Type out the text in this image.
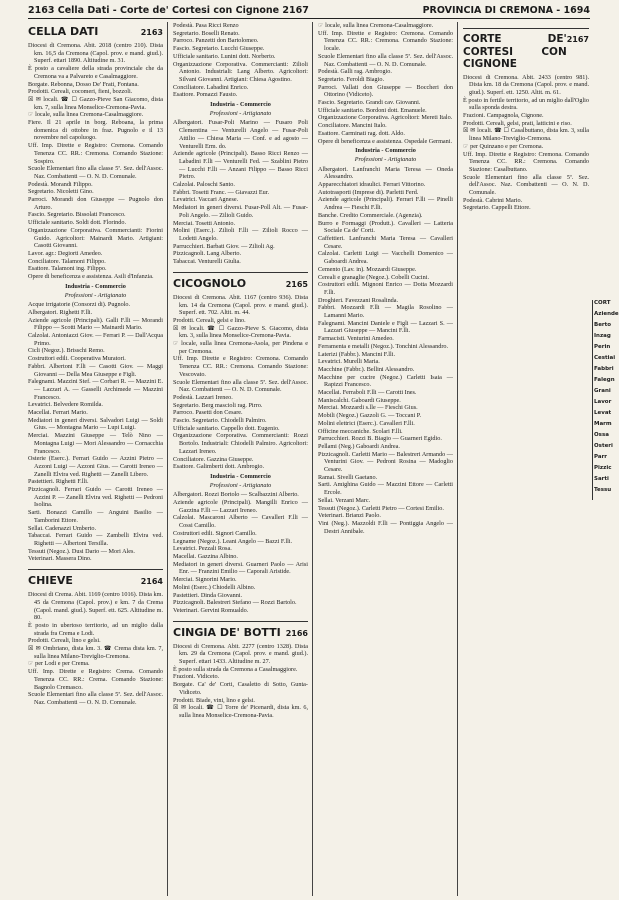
2163 Cella Dati - Corte de' Cortesi con Cignone 2167	PROVINCIA DI CREMONA - 1694
CELLA DATI	2163

Diocesi di Cremona. Abit. 2018 (centro 210). Dista km. 16,5 da Cremona (Capol. prov. e mand. giud.). Superf. ettari 1890. Altitudine m. 31.

È posto a cavaliere della strada provinciale che da Cremona va a Palvareto e Casalmaggiore.

Borgate. Rebonna, Dosso De' Frati, Fontana.

Prodotti. Cereali, cocomeri, fieni, bozzoli.

☒ ✉ locali. ☎ ☐ Gazzo-Pieve San Giacomo, dista km. 7, sulla linea Monselice-Cremona-Pavia.

☞ locale, sulla linea Cremona-Casalmaggiore.

Fiere. Il 21 aprile in borg. Reboana, la prima domenica di ottobre in fraz. Pugnolo e il 13 novembre nel capoluogo.

Uff. Imp. Dirette e Registro: Cremona. Comando Tenenza CC. RR.: Cremona. Comando Stazione: Sospiro.

Scuole Elementari fino alla classe 5ª. Sez. dell'Assoc. Naz. Combattenti — O. N. D. Comunale.

Podestà. Morandi Filippo.

Segretario. Nicoletti Gino.

Parroci. Morandi don Giuseppe — Pugnolo don Arturo.

Fascio. Segretario. Bissolati Francesco.

Ufficiale sanitario. Soldi dott. Florindo.

Organizzazione Corporativa. Commercianti: Fiorini Guido. Agricoltori: Mainardi Mario. Artigiani: Casotti Giovanni.

Lavor. agr.: Degiorti Amedeo.

Conciliatore. Talamoni Filippo.

Esattore. Talamoni ing. Filippo.

Opere di beneficenza e assistenza. Asili d'Infanzia.

Industria - Commercio
Professioni - Artigianato

Acque irrigatorie (Consorzi di). Pugnolo.

Albergatori. Righetti F.lli.

Aziende agricole (Principali). Galli F.lli — Morandi Filippo — Scotti Mario — Mainardi Mario.

Calzolai. Antoniazzi Giov. — Ferrari P. — Dall'Acqua Primo.

Cicli (Negoz.). Brisschi Remo.

Costruttori edili. Cooperativa Muratori.

Fabbri. Albertoni F.lli — Casotti Giov. — Maggi Giovanni — Della Mea Giuseppe e Figli.

Falegnami. Mazzini Stef. — Corbari R. — Mazzini E. — Lazzari A. — Gasselli Archimede — Mazzini Francesco.

Levatrici. Belvedere Romilda.

Macellai. Ferrari Mario.

Mediatori in generi diversi. Salvadori Luigi — Soldi Gius. — Montagna Mario — Lupi Luigi.

Merciai. Mazzini Giuseppe — Telò Nino — Montagna Luigi — Mori Alessandro — Cornacchia Francesco.

Osterie (Eserc.). Ferrari Guido — Azzini Pietro — Azzoni Luigi — Azzoni Gius. — Carotti Ireneo — Zanelli Elvira ved. Righetti — Zanelli Libero.

Pastettieri. Righetti F.lli.

Pizzicagnoli. Ferrari Guido — Carotti Ireneo — Azzini P. — Zanelli Elvira ved. Righetti — Pedroni Isolina.

Sarti. Bonazzi Camillo — Anguini Basilio — Tamborini Ettore.

Sellai. Cadenazzi Umberto.

Tabaccai. Ferrari Guido — Zambelli Elvira ved. Righetti — Albertoni Tersilla.

Tessuti (Negoz.). Dusi Dario — Mori Ales.

Veterinari. Massera Dino.

CHIEVE	2164

Diocesi di Crema. Abit. 1169 (centro 1016). Dista km. 45 da Cremona (Capol. prov.) e km. 7 da Crema (Capol. mand. giud.). Superf. ett. 625. Altitudine m. 80.

È posto in ubertoso territorio, ad un miglio dalla strada fra Crema e Lodi.

Prodotti. Cereali, lino e gelsi.

☒ ✉ Ombriano, dista km. 3. ☎ Crema dista km. 7, sulla linea Milano-Treviglio-Cremona.

☞ per Lodi e per Crema.

Uff. Imp. Dirette e Registro: Crema. Comando Tenenza CC. RR.: Crema. Comando Stazione: Bagnolo Cremasco.

Scuole Elementari fino alla classe 5ª. Sez. dell'Assoc. Naz. Combattenti — O. N. D. Comunale.

Podestà. Pasa Ricci Renzo

Segretario. Boselli Renato.

Parroco. Panzetti don Bartolomeo.

Fascio. Segretario. Lucchi Giuseppe.

Ufficiale sanitario. Lunini dott. Norberto.

Organizzazione Corporativa. Commercianti: Zilioli Antonio. Industriali: Lang Alberto. Agricoltori: Silvani Giovanni. Artigiani: Chiesa Agostino.

Conciliatore. Labadini Enrico.

Esattore. Pomazzi Fausto.

Industria - Commercio
Professioni - Artigianato

Albergatori. Fusar-Poli Marino — Fusaro Poli Clementina — Venturelli Angelo — Fusar-Poli Attilio — Chiesa Maria — Conf. e ad agosto — Venturelli Erm. do.

Aziende agricole (Principali). Basso Ricci Renzo — Labadini F.lli — Venturelli Fed. — Szablini Pietro — Lucchi F.lli — Anzani Filippo — Basso Ricci Pietro.

Calzolai. Paloschi Santo.

Fabbri. Tosetti Franc. — Giavazzi Eur.

Levatrici. Vaccari Agnese.

Mediatori in generi diversi. Fusar-Poll Alt. — Fusar-Poli Angelo. — Zilioli Guido.

Merciai. Tosetti Antonio.

Molini (Eserc.). Zilioli F.lli — Zilioli Rocco — Lodetti Angelo.

Parrucchieri. Barbati Giov. — Zilioli Ag.

Pizzicagnoli. Lang Alberto.

Tabaccai. Venturelli Giulia.

CICOGNOLO	2165

Diocesi di Cremona. Abit. 1167 (centro 936). Dista km. 14 da Cremona (Capol. prov. e mand. giud.). Superf. ett. 702. Altit. m. 44.

Prodotti. Cereali, gelsi e lino.

☒ ✉ locali. ☎ ☐ Gazzo-Pieve S. Giacomo, dista km. 3, sulla linea Monselice-Cremona-Pavia.

☞ locale, sulla linea Cremona-Asola, per Pindena e per Cremona.

Uff. Imp. Dirette e Registro: Cremona. Comando Tenenza CC. RR.: Cremona. Comando Stazione: Vescovato.

Scuole Elementari fino alla classe 5ª. Sez. dell'Assoc. Naz. Combattenti — O. N. D. Comunale.

Podestà. Lazzari Ireneo.

Segretario. Berg mascioli rag. Pirro.

Parroco. Pasetti don Cesare.

Fascio. Segretario. Chiodelli Palmiro.

Ufficiale sanitario. Cappello dott. Eugenio.

Organizzazione Corporativa. Commercianti: Rozzi Bortolo. Industriali: Chiodelli Palmiro. Agricoltori: Lazzari Ireneo.

Conciliatore. Gazzina Giuseppe.

Esattore. Galimberti dott. Ambrogio.

Industria - Commercio
Professioni - Artigianato

Albergatori. Rozzi Bortolo — Scalbazzini Alberto.

Aziende agricole (Principali). Mangilli Enrico — Gazzina F.lli — Lazzari Ireneo.

Calzolai. Mascaroni Alberto — Cavalleri F.lli — Cossi Camillo.

Costruttori edili. Signori Camillo.

Legname (Negoz.). Leani Angelo — Bazzi F.lli.

Levatrici. Pezzali Rosa.

Macellai. Gazzina Albino.

Mediatori in generi diversi. Guarneri Paolo — Arisi Enr. — Franzini Emilio — Caporali Aristide.

Merciai. Signorini Mario.

Molini (Eserc.) Chiodelli Albino.

Pastettieri. Dinda Giovanni.

Pizzicagnoli. Balestreri Stefano — Rozzi Bartolo.

Veterinari. Gervini Romualdo.

CINGIA DE' BOTTI 2166

Diocesi di Cremona. Abit. 2277 (centro 1328). Dista km. 29 da Cremona (Capol. prov. e mand. giud.). Superf. ettari 1433. Altitudine m. 27.

È posto sulla strada da Cremona a Casalmaggiore.

Frazioni. Vidiceto.

Borgate. Ca' de' Corti, Casaletto di Sotto, Gunta-Vidiceto.

Prodotti. Biade, vini, lino e gelsi.

☒ ✉ locali. ☎ ☐ Torre de' Picenardi, dista km. 6, sulla linea Monselice-Cremona-Pavia.

☞ locale, sulla linea Cremona-Casalmaggiore.

Uff. Imp. Dirette e Registro: Cremona. Comando Tenenza CC. RR.: Cremona. Comando Stazione: locale.

Scuole Elementari fino alla classe 5ª. Sez. dell'Assoc. Naz. Combattenti — O. N. D. Comunale.

Podestà. Galli rag. Ambrogio.

Segretario. Feroldi Biagio.

Parroci. Vallati don Giuseppe — Boccheri don Ottorino (Vidiceto).

Fascio. Segretario. Grandi cav. Giovanni.

Ufficiale sanitario. Bordoni dott. Emanuele.

Organizzazione Corporativa. Agricoltori: Mereti Italo.

Conciliatore. Mancini Italo.

Esattore. Carminati rag. dott. Aldo.

Opere di beneficenza e assistenza. Ospedale Germani.

Industria - Commercio
Professioni - Artigianato

Albergatori. Lanfranchi Maria Teresa — Oneda Alessandro.

Apparecchiatori idraulici. Ferrari Vittorino.

Autotrasporti (Imprese di). Parletti Ferd.

Aziende agricole (Principali). Ferrari F.lli — Pinelli Andrea — Fieschi F.lli.

Banche. Credito Commerciale. (Agenzia).

Burro e Formaggi (Produtt.). Cavalleri — Latteria Sociale Ca de' Corti.

Caffettieri. Lanfranchi Maria Teresa — Cavalleri Cesare.

Calzolai. Carletti Luigi — Vacchelli Domenico — Gaboardi Andrea.

Cemento (Lav. in). Mozzardi Giuseppe.

Cereali e granaglie (Negoz.). Cobelli Cucini.

Costruttori edili. Mignoni Enrico — Dotta Mozzardi F.lli.

Droghieri. Favezzani Rosalinda.

Fabbri. Mozzardi F.lli — Magila Rosolino — Lamanni Mario.

Falegnami. Mancini Daniele e Figli — Lazzari S. — Lazzari Giuseppe — Mancini F.lli.

Farmacisti. Venturini Amedeo.

Ferramenta e metalli (Negoz.). Tonchini Alessandro.

Laterizi (Fabbr.). Mancini F.lli.

Levatrici. Murelli Maria.

Macchine (Fabbr.). Bellini Alessandro.

Macchine per cucire (Negoz.) Carletti Isaia — Rapizzi Francesco.

Macellai. Ferraboli F.lli — Carotti Ines.

Maniscalchi. Gaboardi Giuseppe.

Merciai. Mozzardi s.lle — Fieschi Gius.

Mobili (Negoz.) Gazzoli G. — Toccani P.

Molini elettrici (Eserc.). Cavalleri F.lli.

Officine meccaniche. Scolari F.lli.

Parrucchieri. Rozzi B. Biagio — Guarneri Egidio.

Pellami (Neg.) Gaboardi Andrea.

Pizzicagnoli. Carletti Mario — Balestreri Armando — Venturini Giov. — Pedroni Rosina — Madoglio Cesare.

Ramai. Sivelli Gaetano.

Sarti. Amighina Guido — Mazzini Ettore — Carletti Ercole.

Sellai. Verzani Marc.

Tessuti (Negoz.). Carletti Pietro — Cortesi Emilio.

Veterinari. Brianzi Paolo.

Vini (Neg.). Mazzoldi F.lli — Pontiggia Angelo — Destri Annibale.

CORTE DE' CORTESI CON CIGNONE
2167

Diocesi di Cremona. Abit. 2433 (centro 981). Dista km. 18 da Cremona (Capol. prov. e mand. giud.). Superf. ett. 1250. Altit. m. 61.

È posto in fertile territorio, ad un miglio dall'Oglio sulla sponda destra.

Frazioni. Campagnola, Cignone.

Prodotti. Cereali, gelsi, prati, latticini e riso.

☒ ✉ locali. ☎ ☐ Casalbuttano, dista km. 3, sulla linea Milano-Treviglio-Cremona.

☞ per Quinzano e per Cremona.

Uff. Imp. Dirette e Registro: Cremona. Comando Tenenza CC. RR.: Cremona. Comando Stazione: Casalbuttano.

Scuole Elementari fino alla classe 5ª. Sez. dell'Assoc. Naz. Combattenti — O. N. D. Comunale.

Podestà. Cabrini Mario.

Segretario. Cappelli Ettore.

CORT
Aziende
Berto
Inzag
Perin
Cestiai
Fabbri
Falegn
Grani
Lavor
Levat
Marm
Ossa
Osteri
Parr
Pizzic
Sarti
Tessu
